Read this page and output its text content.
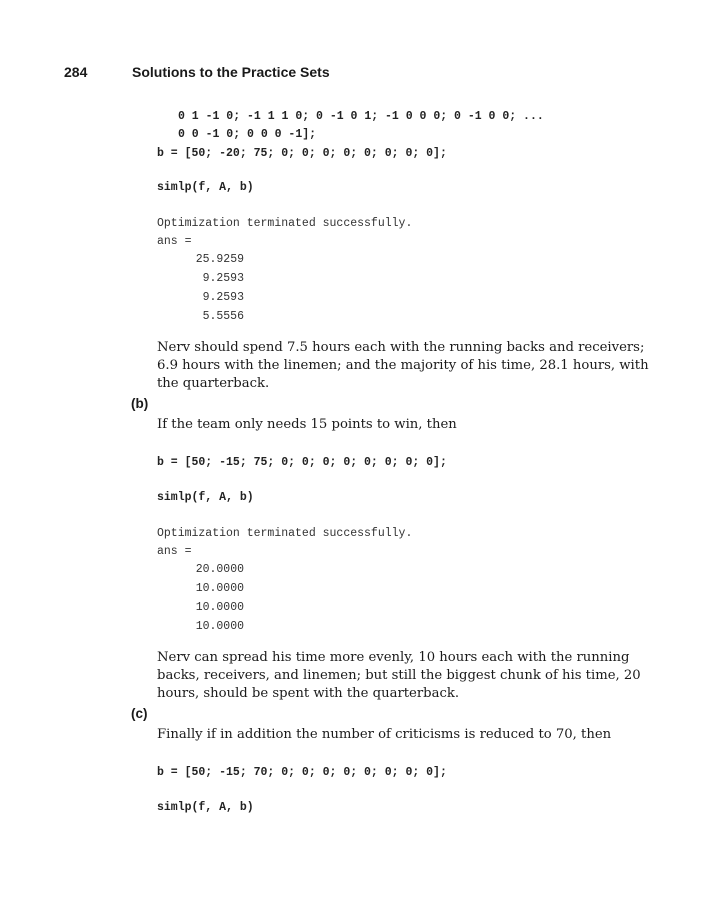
284	Solutions to the Practice Sets
0 1 -1 0; -1 1 1 0; 0 -1 0 1; -1 0 0 0; 0 -1 0 0; ...
0 0 -1 0; 0 0 0 -1];
b = [50; -20; 75; 0; 0; 0; 0; 0; 0; 0; 0];
simlp(f, A, b)
Optimization terminated successfully.
ans =
25.9259
9.2593
9.2593
5.5556
Nerv should spend 7.5 hours each with the running backs and receivers; 6.9 hours with the linemen; and the majority of his time, 28.1 hours, with the quarterback.
(b)
If the team only needs 15 points to win, then
b = [50; -15; 75; 0; 0; 0; 0; 0; 0; 0; 0];
simlp(f, A, b)
Optimization terminated successfully.
ans =
20.0000
10.0000
10.0000
10.0000
Nerv can spread his time more evenly, 10 hours each with the running backs, receivers, and linemen; but still the biggest chunk of his time, 20 hours, should be spent with the quarterback.
(c)
Finally if in addition the number of criticisms is reduced to 70, then
b = [50; -15; 70; 0; 0; 0; 0; 0; 0; 0; 0];
simlp(f, A, b)
